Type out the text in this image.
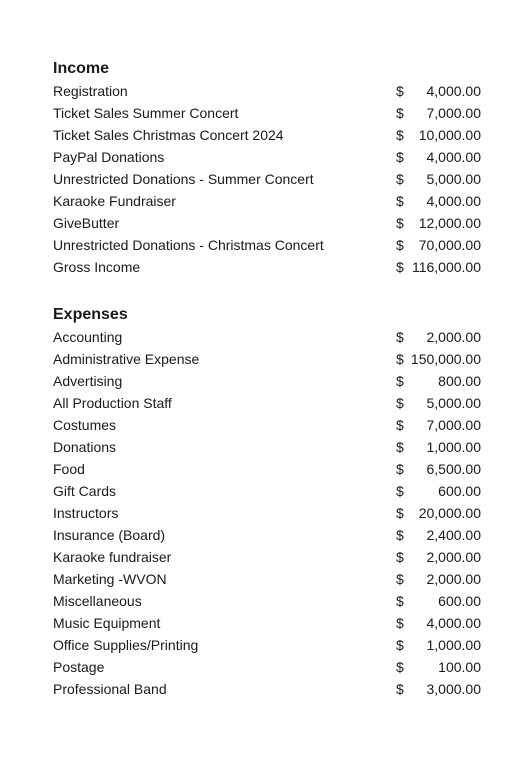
Income
Registration	$ 4,000.00
Ticket Sales Summer Concert	$ 7,000.00
Ticket Sales Christmas Concert 2024	$ 10,000.00
PayPal Donations	$ 4,000.00
Unrestricted Donations - Summer Concert	$ 5,000.00
Karaoke Fundraiser	$ 4,000.00
GiveButter	$ 12,000.00
Unrestricted Donations - Christmas Concert	$ 70,000.00
Gross Income	$ 116,000.00
Expenses
Accounting	$ 2,000.00
Administrative Expense	$ 150,000.00
Advertising	$ 800.00
All Production Staff	$ 5,000.00
Costumes	$ 7,000.00
Donations	$ 1,000.00
Food	$ 6,500.00
Gift Cards	$ 600.00
Instructors	$ 20,000.00
Insurance (Board)	$ 2,400.00
Karaoke fundraiser	$ 2,000.00
Marketing -WVON	$ 2,000.00
Miscellaneous	$ 600.00
Music Equipment	$ 4,000.00
Office Supplies/Printing	$ 1,000.00
Postage	$ 100.00
Professional Band	$ 3,000.00
